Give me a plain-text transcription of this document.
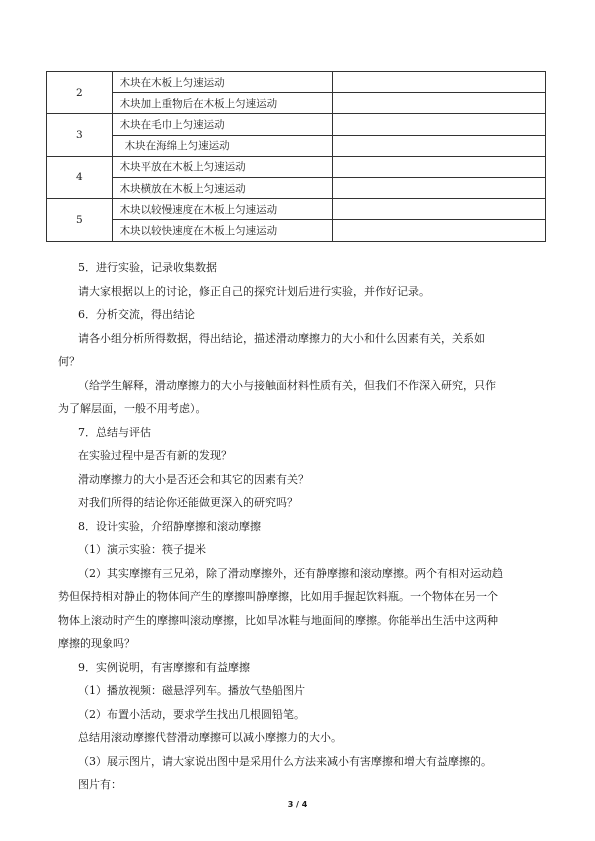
2	木块在木板上匀速运动	
	木块加上重物后在木板上匀速运动	
3	木块在毛巾上匀速运动	
	木块在海绵上匀速运动	
4	木块平放在木板上匀速运动	
	木块横放在木板上匀速运动	
5	木块以较慢速度在木板上匀速运动	
	木块以较快速度在木板上匀速运动	
5．进行实验，记录收集数据
请大家根据以上的讨论，修正自己的探究计划后进行实验，并作好记录。
6．分析交流，得出结论
请各小组分析所得数据，得出结论，描述滑动摩擦力的大小和什么因素有关，关系如
何？
（给学生解释，滑动摩擦力的大小与接触面材料性质有关，但我们不作深入研究，只作
为了解层面，一般不用考虑）。
7．总结与评估
在实验过程中是否有新的发现？
滑动摩擦力的大小是否还会和其它的因素有关？
对我们所得的结论你还能做更深入的研究吗？
8．设计实验，介绍静摩擦和滚动摩擦
（1）演示实验：筷子提米
（2）其实摩擦有三兄弟，除了滑动摩擦外，还有静摩擦和滚动摩擦。两个有相对运动趋
势但保持相对静止的物体间产生的摩擦叫静摩擦，比如用手握起饮料瓶。一个物体在另一个
物体上滚动时产生的摩擦叫滚动摩擦，比如旱冰鞋与地面间的摩擦。你能举出生活中这两种
摩擦的现象吗？
9．实例说明，有害摩擦和有益摩擦
（1）播放视频：磁悬浮列车。播放气垫船图片
（2）布置小活动，要求学生找出几根圆铅笔。
总结用滚动摩擦代替滑动摩擦可以减小摩擦力的大小。
（3）展示图片，请大家说出图中是采用什么方法来减小有害摩擦和增大有益摩擦的。
图片有：
3 / 4
